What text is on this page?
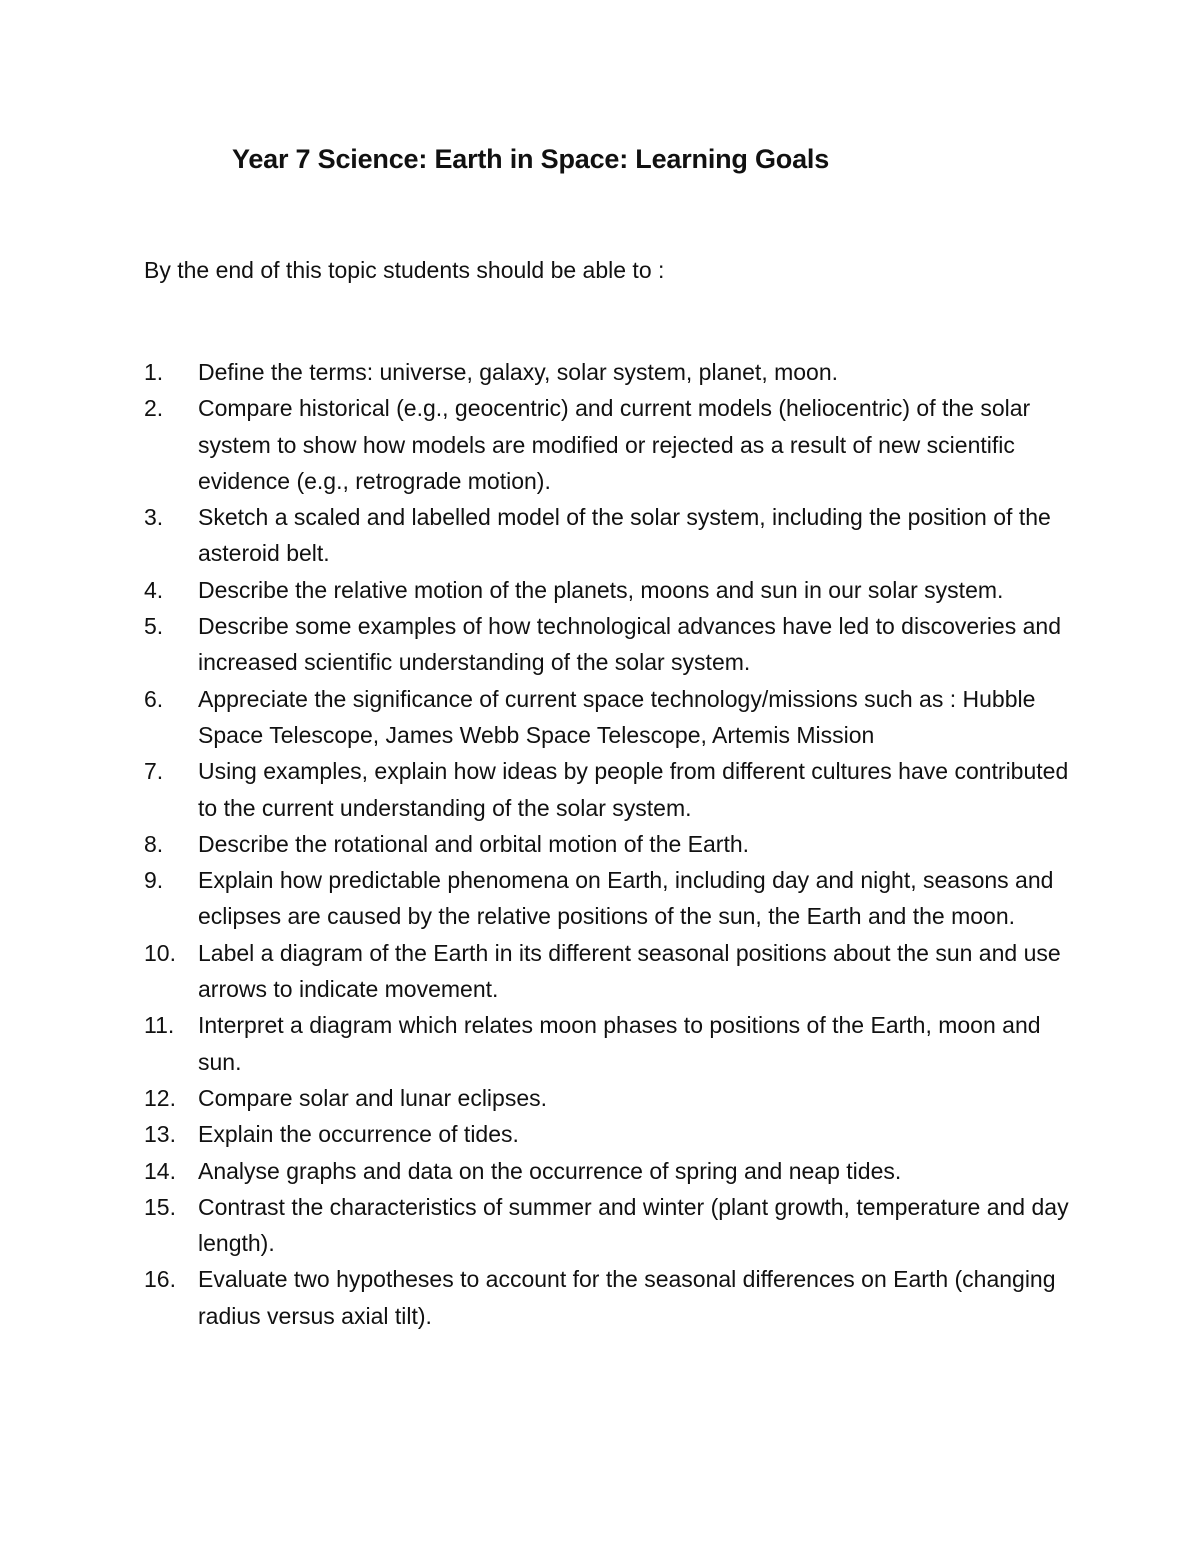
Year 7 Science: Earth in Space: Learning Goals

By the end of this topic students should be able to :

1.	Define the terms: universe, galaxy, solar system, planet, moon.
2.	Compare historical (e.g., geocentric) and current models (heliocentric) of the solar system to show how models are modified or rejected as a result of new scientific evidence (e.g., retrograde motion).
3.	Sketch a scaled and labelled model of the solar system, including the position of the asteroid belt.
4.	Describe the relative motion of the planets, moons and sun in our solar system.
5.	Describe some examples of how technological advances have led to discoveries and increased scientific understanding of the solar system.
6.	Appreciate the significance of current space technology/missions such as : Hubble Space Telescope, James Webb Space Telescope, Artemis Mission
7.	Using examples, explain how ideas by people from different cultures have contributed to the current understanding of the solar system.
8.	Describe the rotational and orbital motion of the Earth.
9.	Explain how predictable phenomena on Earth, including day and night, seasons and eclipses are caused by the relative positions of the sun, the Earth and the moon.
10. Label a diagram of the Earth in its different seasonal positions about the sun and use arrows to indicate movement.
11.	Interpret a diagram which relates moon phases to positions of the Earth, moon and sun.
12. Compare solar and lunar eclipses.
13. Explain the occurrence of tides.
14. Analyse graphs and data on the occurrence of spring and neap tides.
15. Contrast the characteristics of summer and winter (plant growth, temperature and day length).
16. Evaluate two hypotheses to account for the seasonal differences on Earth (changing radius versus axial tilt).
